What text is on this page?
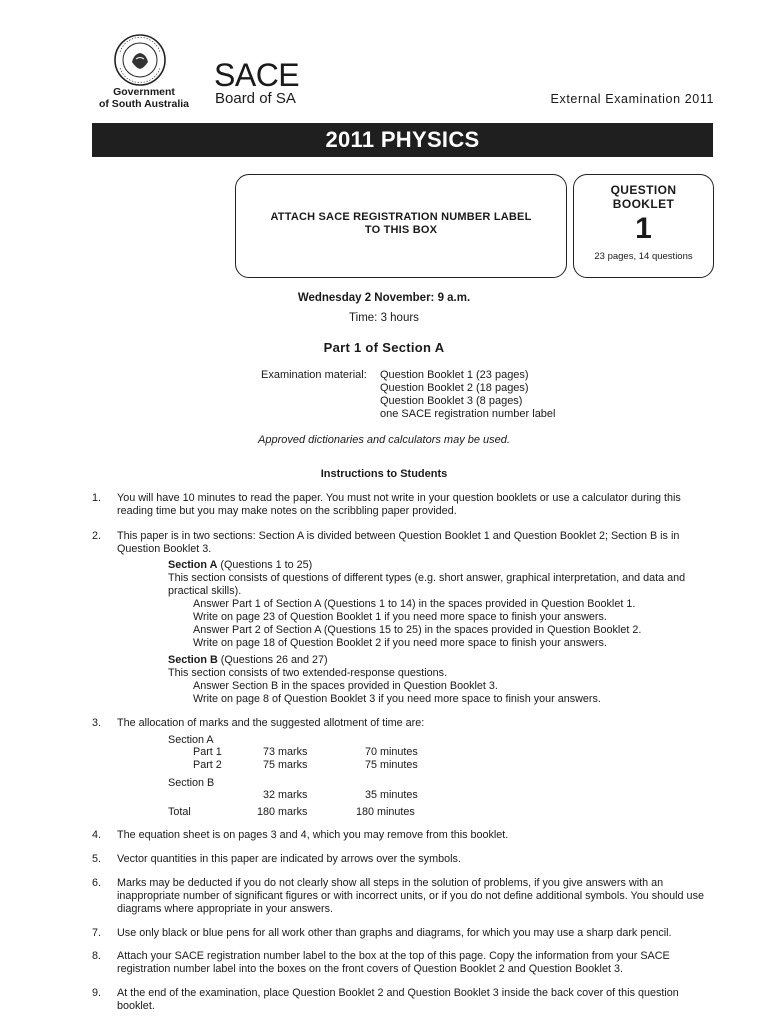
Government
of South Australia
SACE
Board of SA	External Examination 2011
2011 PHYSICS
ATTACH SACE REGISTRATION NUMBER LABEL
TO THIS BOX
QUESTION
BOOKLET
1
23 pages, 14 questions
Wednesday 2 November: 9 a.m.
Time: 3 hours
Part 1 of Section A
Examination material: Question Booklet 1 (23 pages)
Question Booklet 2 (18 pages)
Question Booklet 3 (8 pages)
one SACE registration number label
Approved dictionaries and calculators may be used.
Instructions to Students
1. You will have 10 minutes to read the paper. You must not write in your question booklets or use a calculator during this reading time but you may make notes on the scribbling paper provided.
2. This paper is in two sections: Section A is divided between Question Booklet 1 and Question Booklet 2; Section B is in Question Booklet 3.
Section A (Questions 1 to 25)
This section consists of questions of different types (e.g. short answer, graphical interpretation, and data and practical skills).
Answer Part 1 of Section A (Questions 1 to 14) in the spaces provided in Question Booklet 1.
Write on page 23 of Question Booklet 1 if you need more space to finish your answers.
Answer Part 2 of Section A (Questions 15 to 25) in the spaces provided in Question Booklet 2.
Write on page 18 of Question Booklet 2 if you need more space to finish your answers.
Section B (Questions 26 and 27)
This section consists of two extended-response questions.
Answer Section B in the spaces provided in Question Booklet 3.
Write on page 8 of Question Booklet 3 if you need more space to finish your answers.
3. The allocation of marks and the suggested allotment of time are:
Section A
Part 1	73 marks	70 minutes
Part 2	75 marks	75 minutes
Section B
32 marks	35 minutes
Total	180 marks	180 minutes
4. The equation sheet is on pages 3 and 4, which you may remove from this booklet.
5. Vector quantities in this paper are indicated by arrows over the symbols.
6. Marks may be deducted if you do not clearly show all steps in the solution of problems, if you give answers with an inappropriate number of significant figures or with incorrect units, or if you do not define additional symbols. You should use diagrams where appropriate in your answers.
7. Use only black or blue pens for all work other than graphs and diagrams, for which you may use a sharp dark pencil.
8. Attach your SACE registration number label to the box at the top of this page. Copy the information from your SACE registration number label into the boxes on the front covers of Question Booklet 2 and Question Booklet 3.
9. At the end of the examination, place Question Booklet 2 and Question Booklet 3 inside the back cover of this question booklet.
